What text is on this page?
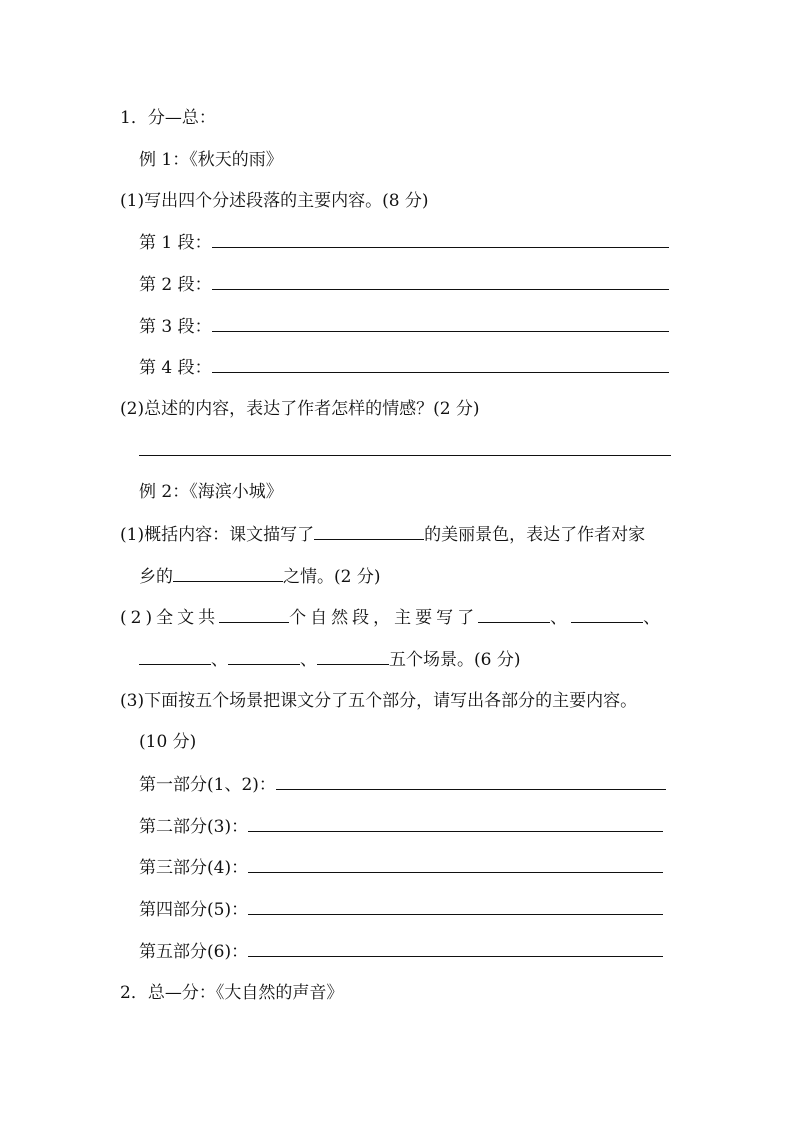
1．分—总：
例 1：《秋天的雨》
(1)写出四个分述段落的主要内容。(8 分)
第 1 段：
第 2 段：
第 3 段：
第 4 段：
(2)总述的内容，表达了作者怎样的情感？(2 分)
例 2：《海滨小城》
(1)概括内容：课文描写了	的美丽景色，表达了作者对家
乡的	之情。(2 分)
(2)全文共	个自然段，主要写了	、	、
、	、	五个场景。(6 分)
(3)下面按五个场景把课文分了五个部分，请写出各部分的主要内容。
(10 分)
第一部分(1、2)：
第二部分(3)：
第三部分(4)：
第四部分(5)：
第五部分(6)：
2．总—分：《大自然的声音》
